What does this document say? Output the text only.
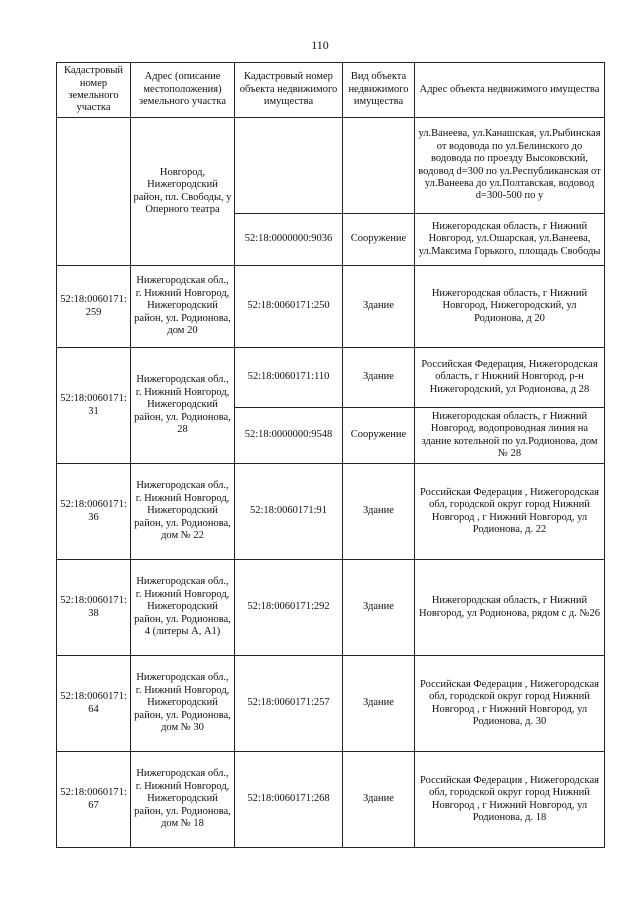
110
Кадастровый номер земельного участка	Адрес (описание местоположения) земельного участка	Кадастровый номер объекта недвижимого имущества	Вид объекта недвижимого имущества	Адрес объекта недвижимого имущества
	Новгород, Нижегородский район, пл. Свободы, у Оперного театра			ул.Ванеева, ул.Канашская, ул.Рыбинская от водовода по ул.Белинского до водовода по проезду Высоковский, водовод d=300 по ул.Республиканская от ул.Ванеева до ул.Полтавская, водовод d=300-500 по у
		52:18:0000000:9036	Сооружение	Нижегородская область, г Нижний Новгород, ул.Ошарская, ул.Ванеева, ул.Максима Горького, площадь Свободы
52:18:0060171:259	Нижегородская обл., г. Нижний Новгород, Нижегородский район, ул. Родионова, дом 20	52:18:0060171:250	Здание	Нижегородская область, г Нижний Новгород, Нижегородский, ул Родионова, д 20
52:18:0060171:31	Нижегородская обл., г. Нижний Новгород, Нижегородский район, ул. Родионова, 28	52:18:0060171:110	Здание	Российская Федерация, Нижегородская область, г Нижний Новгород, р-н Нижегородский, ул Родионова, д 28
		52:18:0000000:9548	Сооружение	Нижегородская область, г Нижний Новгород, водопроводная линия на здание котельной по ул.Родионова, дом № 28
52:18:0060171:36	Нижегородская обл., г. Нижний Новгород, Нижегородский район, ул. Родионова, дом № 22	52:18:0060171:91	Здание	Российская Федерация , Нижегородская обл, городской округ город Нижний Новгород , г Нижний Новгород, ул Родионова, д. 22
52:18:0060171:38	Нижегородская обл., г. Нижний Новгород, Нижегородский район, ул. Родионова, 4 (литеры А, А1)	52:18:0060171:292	Здание	Нижегородская область, г Нижний Новгород, ул Родионова, рядом с д. №26
52:18:0060171:64	Нижегородская обл., г. Нижний Новгород, Нижегородский район, ул. Родионова, дом № 30	52:18:0060171:257	Здание	Российская Федерация , Нижегородская обл, городской округ город Нижний Новгород , г Нижний Новгород, ул Родионова, д. 30
52:18:0060171:67	Нижегородская обл., г. Нижний Новгород, Нижегородский район, ул. Родионова, дом № 18	52:18:0060171:268	Здание	Российская Федерация , Нижегородская обл, городской округ город Нижний Новгород , г Нижний Новгород, ул Родионова, д. 18
